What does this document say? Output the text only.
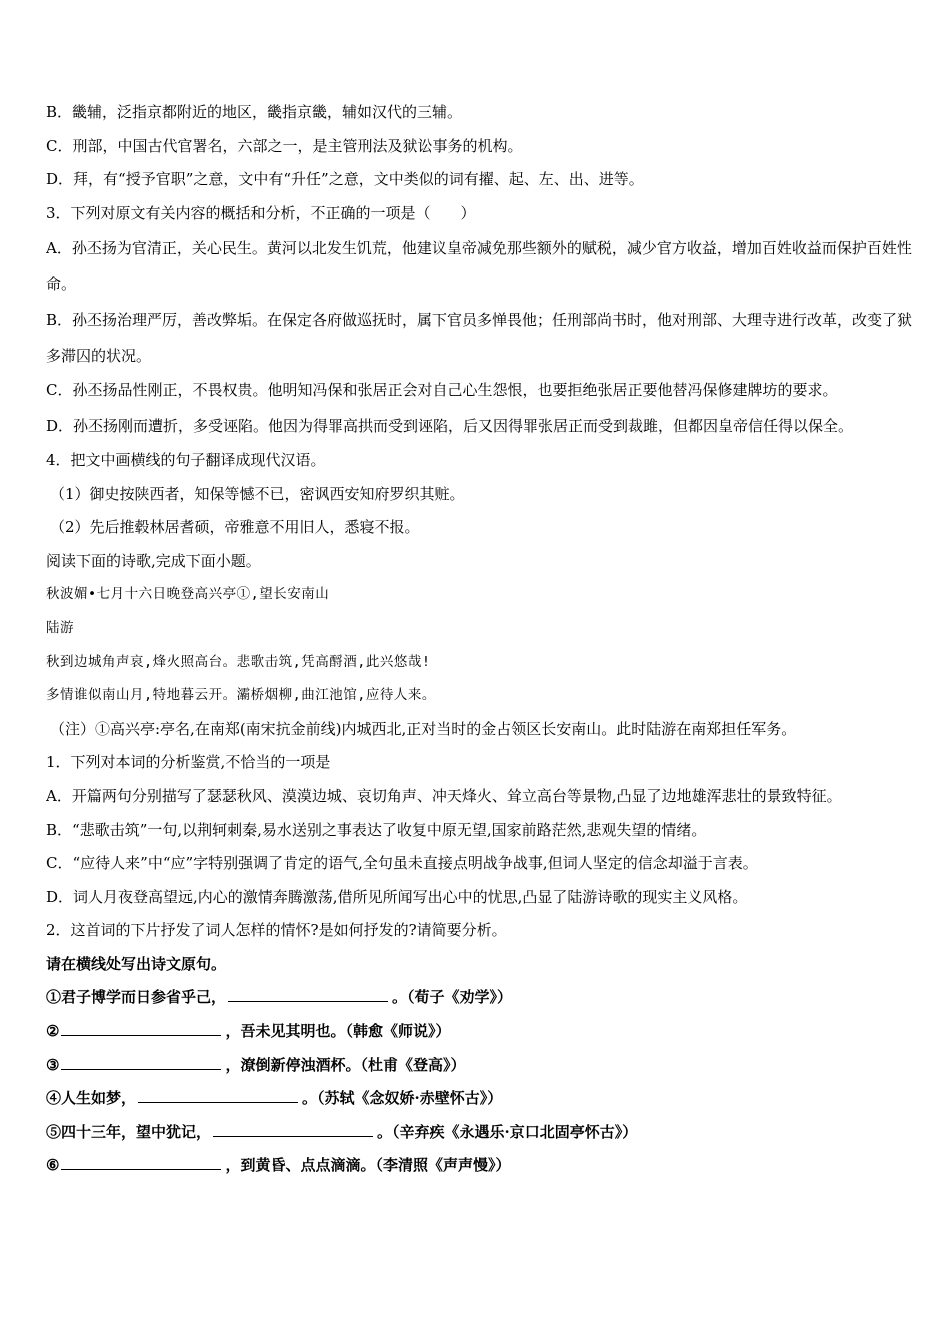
B．畿辅，泛指京都附近的地区，畿指京畿，辅如汉代的三辅。
C．刑部，中国古代官署名，六部之一，是主管刑法及狱讼事务的机构。
D．拜，有“授予官职”之意，文中有“升任”之意，文中类似的词有擢、起、左、出、进等。
3．下列对原文有关内容的概括和分析，不正确的一项是（　　）
A．孙丕扬为官清正，关心民生。黄河以北发生饥荒，他建议皇帝减免那些额外的赋税，减少官方收益，增加百姓收益而保护百姓性命。
B．孙丕扬治理严厉，善改弊垢。在保定各府做巡抚时，属下官员多惮畏他；任刑部尚书时，他对刑部、大理寺进行改革，改变了狱多滞囚的状况。
C．孙丕扬品性刚正，不畏权贵。他明知冯保和张居正会对自己心生怨恨，也要拒绝张居正要他替冯保修建牌坊的要求。
D．孙丕扬刚而遭折，多受诬陷。他因为得罪高拱而受到诬陷，后又因得罪张居正而受到裁雎，但都因皇帝信任得以保全。
4．把文中画横线的句子翻译成现代汉语。
（1）御史按陕西者，知保等憾不已，密讽西安知府罗织其赃。
（2）先后推毂林居耆硕，帝雅意不用旧人，悉寝不报。
阅读下面的诗歌,完成下面小题。
秋波媚•七月十六日晚登高兴亭①,望长安南山
陆游
秋到边城角声哀,烽火照高台。悲歌击筑,凭高酹酒,此兴悠哉!
多情谁似南山月,特地暮云开。灞桥烟柳,曲江池馆,应待人来。
（注）①高兴亭:亭名,在南郑(南宋抗金前线)内城西北,正对当时的金占领区长安南山。此时陆游在南郑担任军务。
1．下列对本词的分析鉴赏,不恰当的一项是
A．开篇两句分别描写了瑟瑟秋风、漠漠边城、哀切角声、冲天烽火、耸立高台等景物,凸显了边地雄浑悲壮的景致特征。
B．“悲歌击筑”一句,以荆轲刺秦,易水送别之事表达了收复中原无望,国家前路茫然,悲观失望的情绪。
C．“应待人来”中“应”字特别强调了肯定的语气,全句虽未直接点明战争战事,但词人坚定的信念却溢于言表。
D．词人月夜登高望远,内心的激情奔腾激荡,借所见所闻写出心中的忧思,凸显了陆游诗歌的现实主义风格。
2．这首词的下片抒发了词人怎样的情怀?是如何抒发的?请简要分析。
请在横线处写出诗文原句。
①君子博学而日参省乎己，	。（荀子《劝学》）
②	，吾未见其明也。（韩愈《师说》）
③	，潦倒新停浊酒杯。（杜甫《登高》）
④人生如梦，	。（苏轼《念奴娇·赤壁怀古》）
⑤四十三年，望中犹记，	。（辛弃疾《永遇乐·京口北固亭怀古》）
⑥	，到黄昏、点点滴滴。（李清照《声声慢》）
